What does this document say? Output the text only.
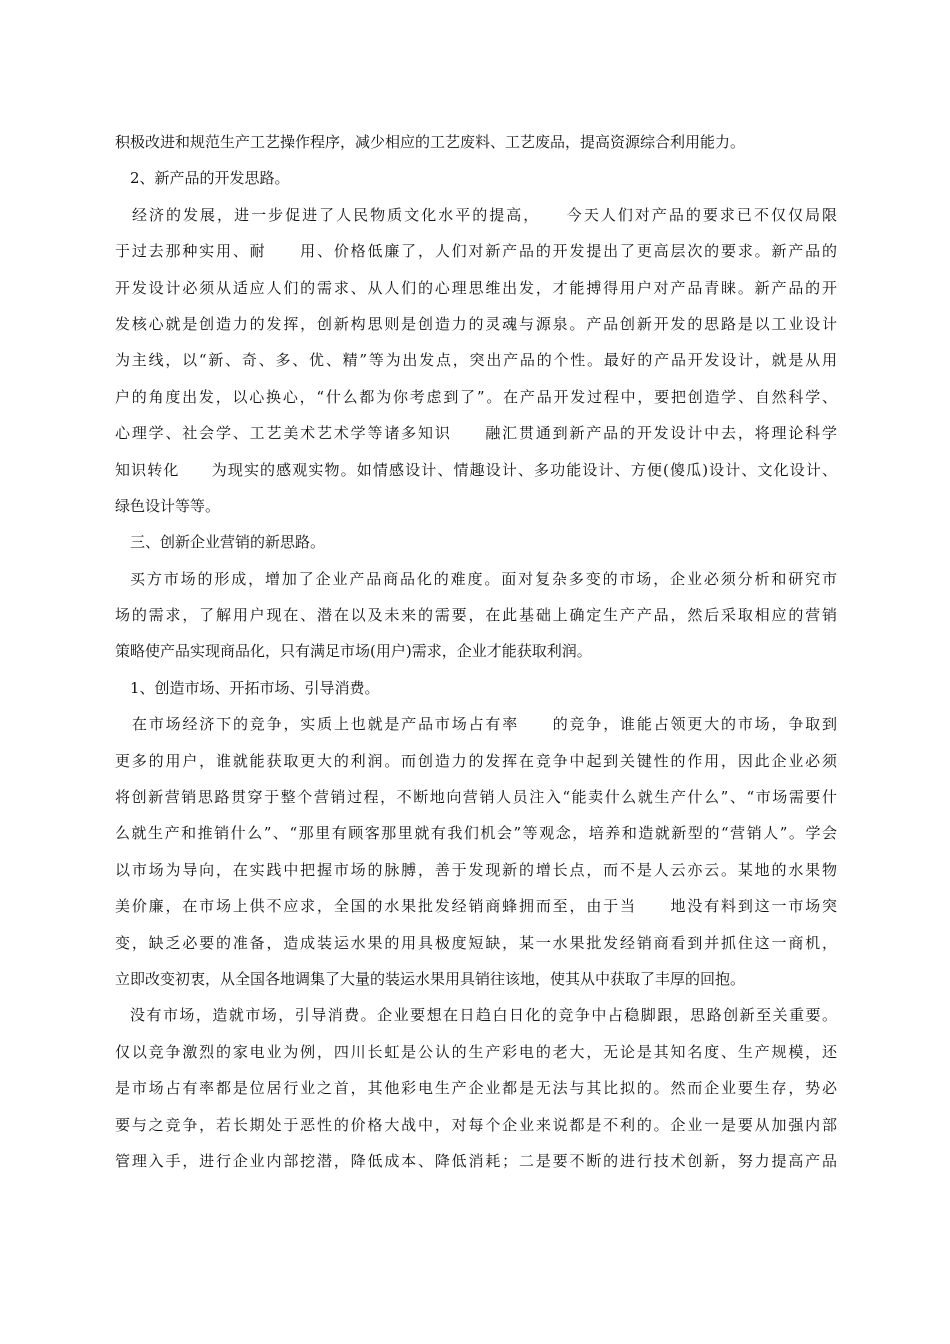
积极改进和规范生产工艺操作程序，减少相应的工艺废料、工艺废品，提高资源综合利用能力。
2、新产品的开发思路。
经济的发展，进一步促进了人民物质文化水平的提高，　　今天人们对产品的要求已不仅仅局限
于过去那种实用、耐　　用、价格低廉了，人们对新产品的开发提出了更高层次的要求。新产品的
开发设计必须从适应人们的需求、从人们的心理思维出发，才能搏得用户对产品青睐。新产品的开
发核心就是创造力的发挥，创新构思则是创造力的灵魂与源泉。产品创新开发的思路是以工业设计
为主线，以“新、奇、多、优、精”等为出发点，突出产品的个性。最好的产品开发设计，就是从用
户的角度出发，以心换心，“什么都为你考虑到了”。在产品开发过程中，要把创造学、自然科学、
心理学、社会学、工艺美术艺术学等诸多知识　　融汇贯通到新产品的开发设计中去，将理论科学
知识转化　　为现实的感观实物。如情感设计、情趣设计、多功能设计、方便(傻瓜)设计、文化设计、
绿色设计等等。
三、创新企业营销的新思路。
买方市场的形成，增加了企业产品商品化的难度。面对复杂多变的市场，企业必须分析和研究市
场的需求，了解用户现在、潜在以及未来的需要，在此基础上确定生产产品，然后采取相应的营销
策略使产品实现商品化，只有满足市场(用户)需求，企业才能获取利润。
1、创造市场、开拓市场、引导消费。
在市场经济下的竞争，实质上也就是产品市场占有率　　的竞争，谁能占领更大的市场，争取到
更多的用户，谁就能获取更大的利润。而创造力的发挥在竞争中起到关键性的作用，因此企业必须
将创新营销思路贯穿于整个营销过程，不断地向营销人员注入“能卖什么就生产什么”、“市场需要什
么就生产和推销什么”、“那里有顾客那里就有我们机会”等观念，培养和造就新型的“营销人”。学会
以市场为导向，在实践中把握市场的脉膊，善于发现新的增长点，而不是人云亦云。某地的水果物
美价廉，在市场上供不应求，全国的水果批发经销商蜂拥而至，由于当　　地没有料到这一市场突
变，缺乏必要的准备，造成装运水果的用具极度短缺，某一水果批发经销商看到并抓住这一商机，
立即改变初衷，从全国各地调集了大量的装运水果用具销往该地，使其从中获取了丰厚的回抱。
没有市场，造就市场，引导消费。企业要想在日趋白日化的竞争中占稳脚跟，思路创新至关重要。
仅以竞争激烈的家电业为例，四川长虹是公认的生产彩电的老大，无论是其知名度、生产规模，还
是市场占有率都是位居行业之首，其他彩电生产企业都是无法与其比拟的。然而企业要生存，势必
要与之竞争，若长期处于恶性的价格大战中，对每个企业来说都是不利的。企业一是要从加强内部
管理入手，进行企业内部挖潜，降低成本、降低消耗；二是要不断的进行技术创新，努力提高产品
